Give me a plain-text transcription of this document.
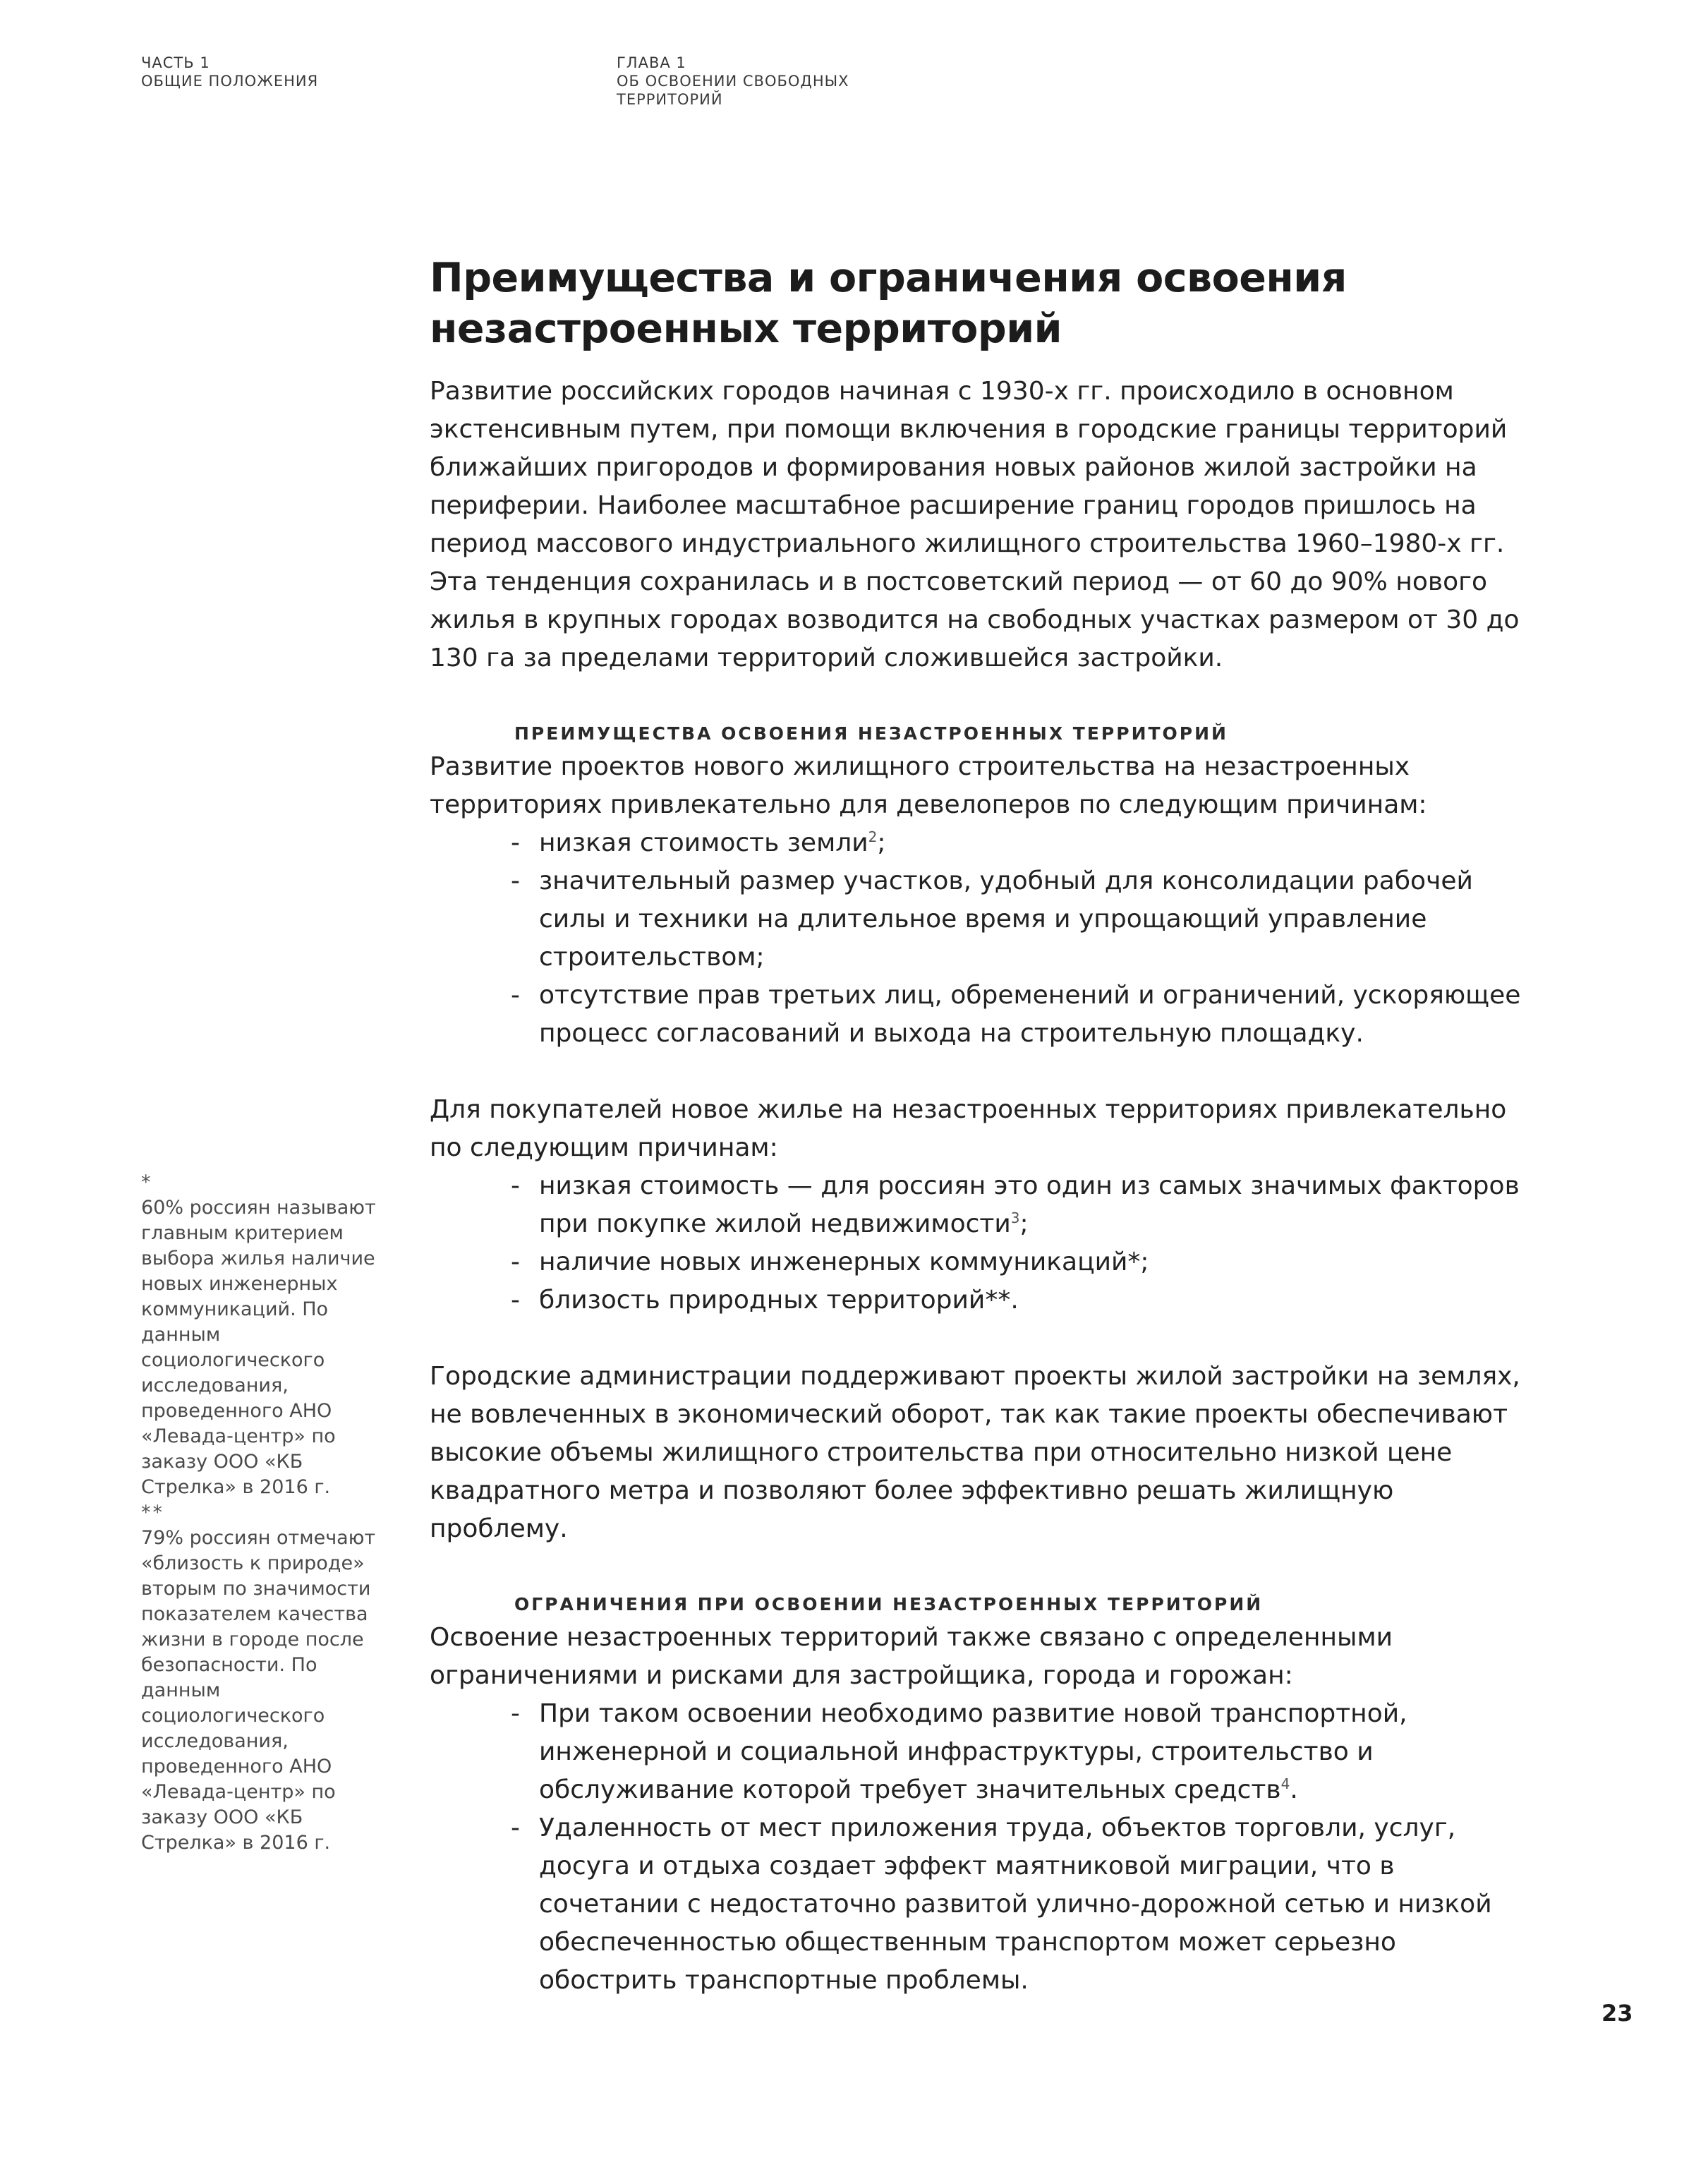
ЧАСТЬ 1
ОБЩИЕ ПОЛОЖЕНИЯ
ГЛАВА 1
ОБ ОСВОЕНИИ СВОБОДНЫХ
ТЕРРИТОРИЙ
Преимущества и ограничения освоения незастроенных территорий

Развитие российских городов начиная с 1930-х гг. происходило в основном экстенсивным путем, при помощи включения в городские границы территорий ближайших пригородов и формирования новых районов жилой застройки на периферии. Наиболее масштабное расширение границ городов пришлось на период массового индустриального жилищного строительства 1960–1980-х гг. Эта тенденция сохранилась и в постсоветский период — от 60 до 90% нового жилья в крупных городах возводится на свободных участках размером от 30 до 130 га за пределами территорий сложившейся застройки.

ПРЕИМУЩЕСТВА ОСВОЕНИЯ НЕЗАСТРОЕННЫХ ТЕРРИТОРИЙ

Развитие проектов нового жилищного строительства на незастроенных территориях привлекательно для девелоперов по следующим причинам:

- низкая стоимость земли$^2$;
- значительный размер участков, удобный для консолидации рабочей силы и техники на длительное время и упрощающий управление строительством;
- отсутствие прав третьих лиц, обременений и ограничений, ускоряющее процесс согласований и выхода на строительную площадку.

Для покупателей новое жилье на незастроенных территориях привлекательно по следующим причинам:

- низкая стоимость — для россиян это один из самых значимых факторов при покупке жилой недвижимости$^3$;
- наличие новых инженерных коммуникаций*;
- близость природных территорий**.

Городские администрации поддерживают проекты жилой застройки на землях, не вовлеченных в экономический оборот, так как такие проекты обеспечивают высокие объемы жилищного строительства при относительно низкой цене квадратного метра и позволяют более эффективно решать жилищную проблему.

ОГРАНИЧЕНИЯ ПРИ ОСВОЕНИИ НЕЗАСТРОЕННЫХ ТЕРРИТОРИЙ

Освоение незастроенных территорий также связано с определенными ограничениями и рисками для застройщика, города и горожан:

- При таком освоении необходимо развитие новой транспортной, инженерной и социальной инфраструктуры, строительство и обслуживание которой требует значительных средств$^4$.
- Удаленность от мест приложения труда, объектов торговли, услуг, досуга и отдыха создает эффект маятниковой миграции, что в сочетании с недостаточно развитой улично-дорожной сетью и низкой обеспеченностью общественным транспортом может серьезно обострить транспортные проблемы.
*
60% россиян называют главным критерием выбора жилья наличие новых инженерных коммуникаций. По данным социологического исследования, проведенного АНО «Левада-центр» по заказу ООО «КБ Стрелка» в 2016 г.
**
79% россиян отмечают «близость к природе» вторым по значимости показателем качества жизни в городе после безопасности. По данным социологического исследования, проведенного АНО «Левада-центр» по заказу ООО «КБ Стрелка» в 2016 г.
23
